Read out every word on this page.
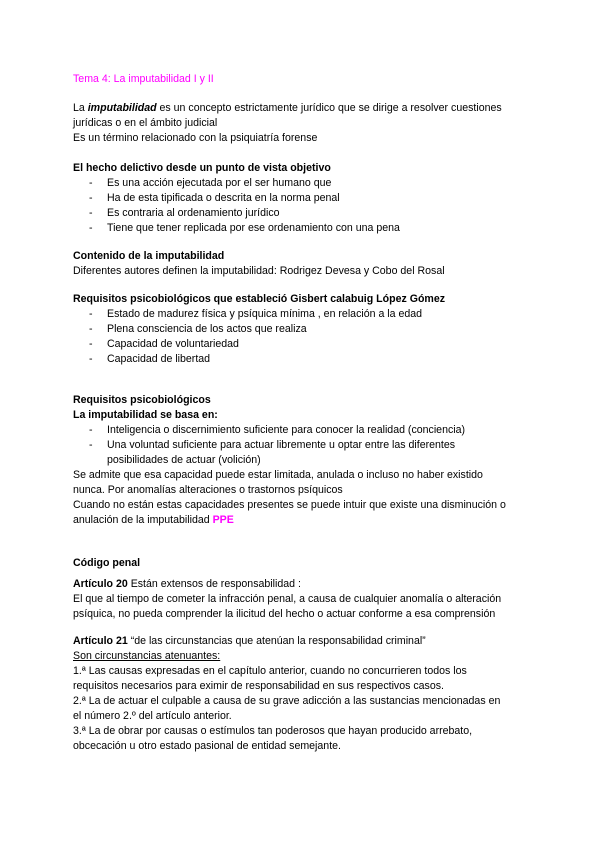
Tema 4: La imputabilidad I y II
La imputabilidad es un concepto estrictamente jurídico que se dirige a resolver cuestiones
jurídicas o en el ámbito judicial
Es un término relacionado con la psiquiatría forense
El hecho delictivo desde un punto de vista objetivo
- Es una acción ejecutada por el ser humano que
- Ha de esta tipificada o descrita en la norma penal
- Es contraria al ordenamiento jurídico
- Tiene que tener replicada por ese ordenamiento con una pena
Contenido de la imputabilidad
Diferentes autores definen la imputabilidad: Rodrigez Devesa y Cobo del Rosal
Requisitos psicobiológicos que estableció Gisbert calabuig López Gómez
- Estado de madurez física y psíquica mínima , en relación a la edad
- Plena consciencia de los actos que realiza
- Capacidad de voluntariedad
- Capacidad de libertad
Requisitos psicobiológicos
La imputabilidad se basa en:
- Inteligencia o discernimiento suficiente para conocer la realidad (conciencia)
- Una voluntad suficiente para actuar libremente u optar entre las diferentes
posibilidades de actuar (volición)
Se admite que esa capacidad puede estar limitada, anulada o incluso no haber existido
nunca. Por anomalías alteraciones o trastornos psíquicos
Cuando no están estas capacidades presentes se puede intuir que existe una disminución o
anulación de la imputabilidad PPE
Código penal
Artículo 20 Están extensos de responsabilidad :
El que al tiempo de cometer la infracción penal, a causa de cualquier anomalía o alteración
psíquica, no pueda comprender la ilicitud del hecho o actuar conforme a esa comprensión
Artículo 21 “de las circunstancias que atenúan la responsabilidad criminal”
Son circunstancias atenuantes:
1.ª Las causas expresadas en el capítulo anterior, cuando no concurrieren todos los
requisitos necesarios para eximir de responsabilidad en sus respectivos casos.
2.ª La de actuar el culpable a causa de su grave adicción a las sustancias mencionadas en
el número 2.º del artículo anterior.
3.ª La de obrar por causas o estímulos tan poderosos que hayan producido arrebato,
obcecación u otro estado pasional de entidad semejante.
